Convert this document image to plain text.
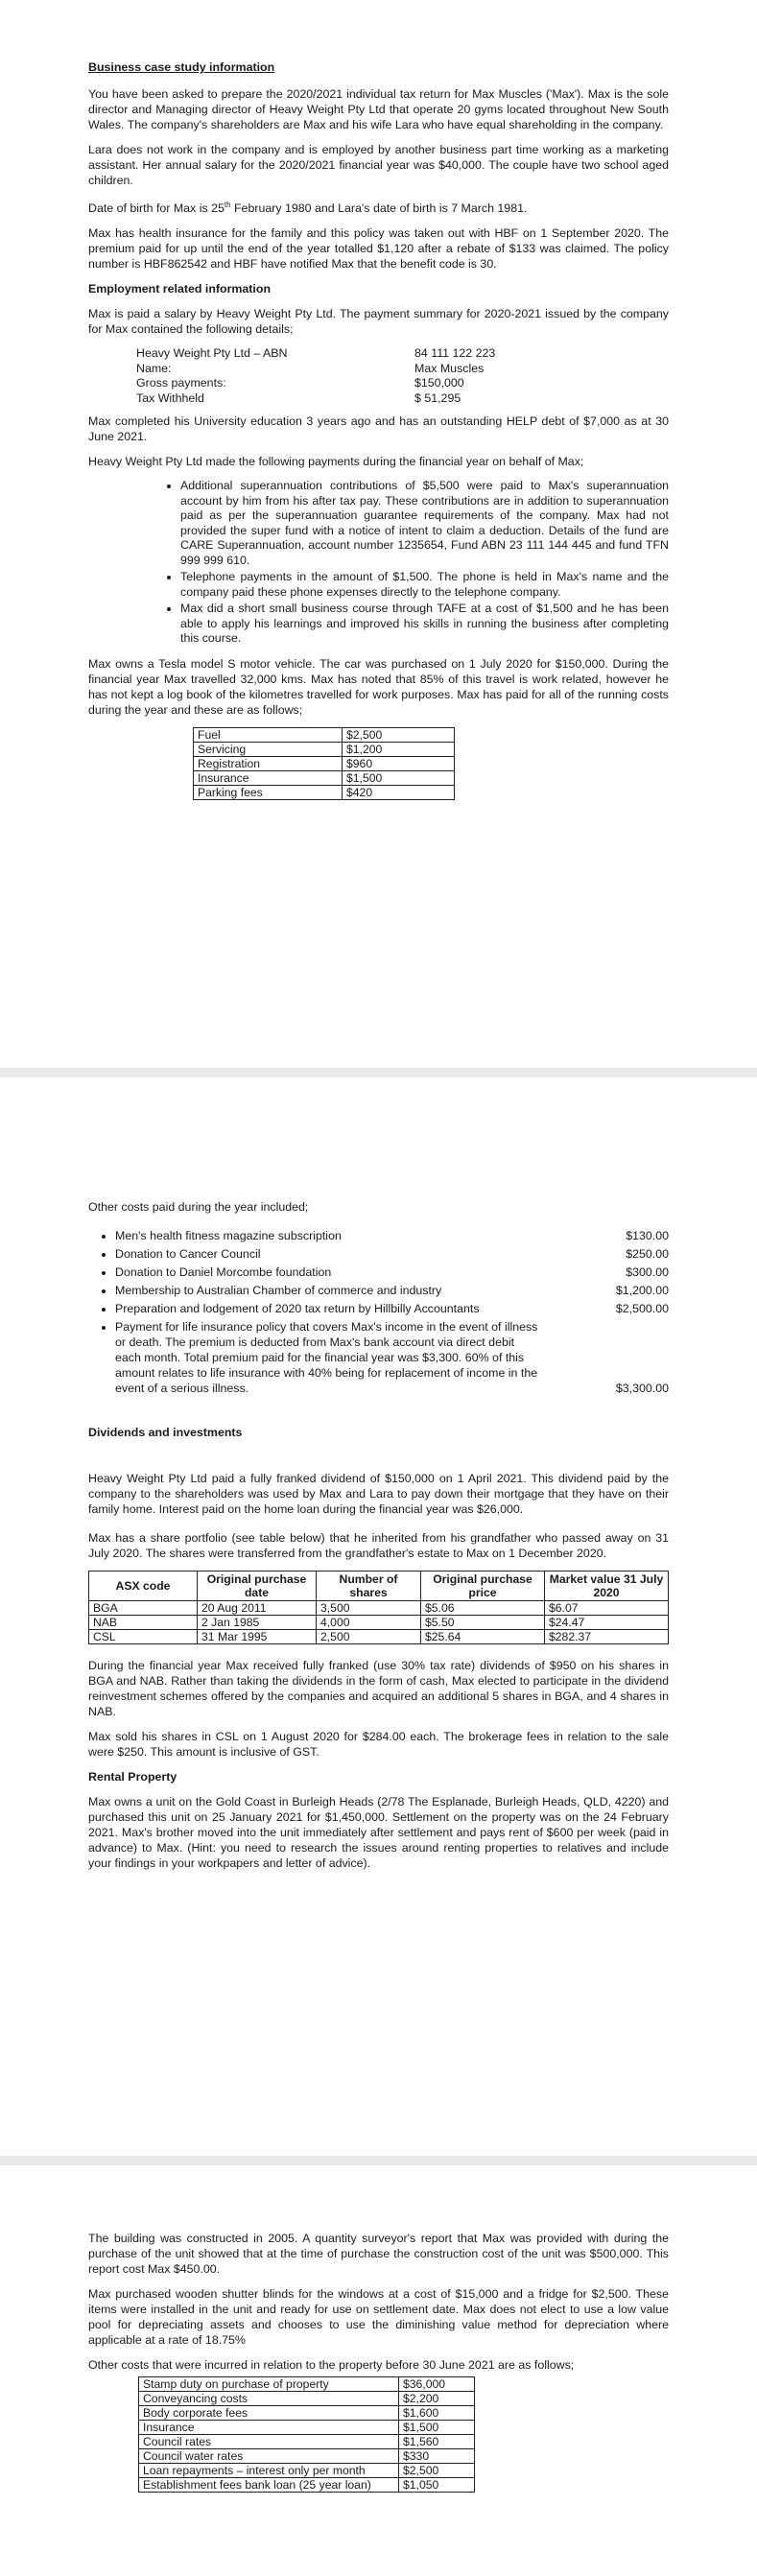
Business case study information

You have been asked to prepare the 2020/2021 individual tax return for Max Muscles ('Max'). Max is the sole director and Managing director of Heavy Weight Pty Ltd that operate 20 gyms located throughout New South Wales. The company's shareholders are Max and his wife Lara who have equal shareholding in the company.

Lara does not work in the company and is employed by another business part time working as a marketing assistant. Her annual salary for the 2020/2021 financial year was $40,000. The couple have two school aged children.

Date of birth for Max is 25th February 1980 and Lara's date of birth is 7 March 1981.

Max has health insurance for the family and this policy was taken out with HBF on 1 September 2020. The premium paid for up until the end of the year totalled $1,120 after a rebate of $133 was claimed. The policy number is HBF862542 and HBF have notified Max that the benefit code is 30.

Employment related information

Max is paid a salary by Heavy Weight Pty Ltd. The payment summary for 2020-2021 issued by the company for Max contained the following details;

Heavy Weight Pty Ltd – ABN	84 111 122 223
Name:	Max Muscles
Gross payments:	$150,000
Tax Withheld	$ 51,295

Max completed his University education 3 years ago and has an outstanding HELP debt of $7,000 as at 30 June 2021.

Heavy Weight Pty Ltd made the following payments during the financial year on behalf of Max;

• Additional superannuation contributions of $5,500 were paid to Max's superannuation account by him from his after tax pay. These contributions are in addition to superannuation paid as per the superannuation guarantee requirements of the company. Max had not provided the super fund with a notice of intent to claim a deduction. Details of the fund are CARE Superannuation, account number 1235654, Fund ABN 23 111 144 445 and fund TFN 999 999 610.
• Telephone payments in the amount of $1,500. The phone is held in Max's name and the company paid these phone expenses directly to the telephone company.
• Max did a short small business course through TAFE at a cost of $1,500 and he has been able to apply his learnings and improved his skills in running the business after completing this course.

Max owns a Tesla model S motor vehicle. The car was purchased on 1 July 2020 for $150,000. During the financial year Max travelled 32,000 kms. Max has noted that 85% of this travel is work related, however he has not kept a log book of the kilometres travelled for work purposes. Max has paid for all of the running costs during the year and these are as follows;

Fuel	$2,500
Servicing	$1,200
Registration	$960
Insurance	$1,500
Parking fees	$420

Other costs paid during the year included;

• Men's health fitness magazine subscription	$130.00
• Donation to Cancer Council	$250.00
• Donation to Daniel Morcombe foundation	$300.00
• Membership to Australian Chamber of commerce and industry	$1,200.00
• Preparation and lodgement of 2020 tax return by Hillbilly Accountants	$2,500.00
• Payment for life insurance policy that covers Max's income in the event of illness or death. The premium is deducted from Max's bank account via direct debit each month. Total premium paid for the financial year was $3,300. 60% of this amount relates to life insurance with 40% being for replacement of income in the event of a serious illness.	$3,300.00
Dividends and investments

Heavy Weight Pty Ltd paid a fully franked dividend of $150,000 on 1 April 2021. This dividend paid by the company to the shareholders was used by Max and Lara to pay down their mortgage that they have on their family home. Interest paid on the home loan during the financial year was $26,000.

Max has a share portfolio (see table below) that he inherited from his grandfather who passed away on 31 July 2020. The shares were transferred from the grandfather's estate to Max on 1 December 2020.

ASX code	Original purchase date	Number of shares	Original purchase price	Market value 31 July 2020
BGA	20 Aug 2011	3,500	$5.06	$6.07
NAB	2 Jan 1985	4,000	$5.50	$24.47
CSL	31 Mar 1995	2,500	$25.64	$282.37

During the financial year Max received fully franked (use 30% tax rate) dividends of $950 on his shares in BGA and NAB. Rather than taking the dividends in the form of cash, Max elected to participate in the dividend reinvestment schemes offered by the companies and acquired an additional 5 shares in BGA, and 4 shares in NAB.

Max sold his shares in CSL on 1 August 2020 for $284.00 each. The brokerage fees in relation to the sale were $250. This amount is inclusive of GST.

Rental Property

Max owns a unit on the Gold Coast in Burleigh Heads (2/78 The Esplanade, Burleigh Heads, QLD, 4220) and purchased this unit on 25 January 2021 for $1,450,000. Settlement on the property was on the 24 February 2021. Max's brother moved into the unit immediately after settlement and pays rent of $600 per week (paid in advance) to Max. (Hint: you need to research the issues around renting properties to relatives and include your findings in your workpapers and letter of advice).

The building was constructed in 2005. A quantity surveyor's report that Max was provided with during the purchase of the unit showed that at the time of purchase the construction cost of the unit was $500,000. This report cost Max $450.00.

Max purchased wooden shutter blinds for the windows at a cost of $15,000 and a fridge for $2,500. These items were installed in the unit and ready for use on settlement date. Max does not elect to use a low value pool for depreciating assets and chooses to use the diminishing value method for depreciation where applicable at a rate of 18.75%

Other costs that were incurred in relation to the property before 30 June 2021 are as follows;

Stamp duty on purchase of property	$36,000
Conveyancing costs	$2,200
Body corporate fees	$1,600
Insurance	$1,500
Council rates	$1,560
Council water rates	$330
Loan repayments – interest only per month	$2,500
Establishment fees bank loan (25 year loan)	$1,050
